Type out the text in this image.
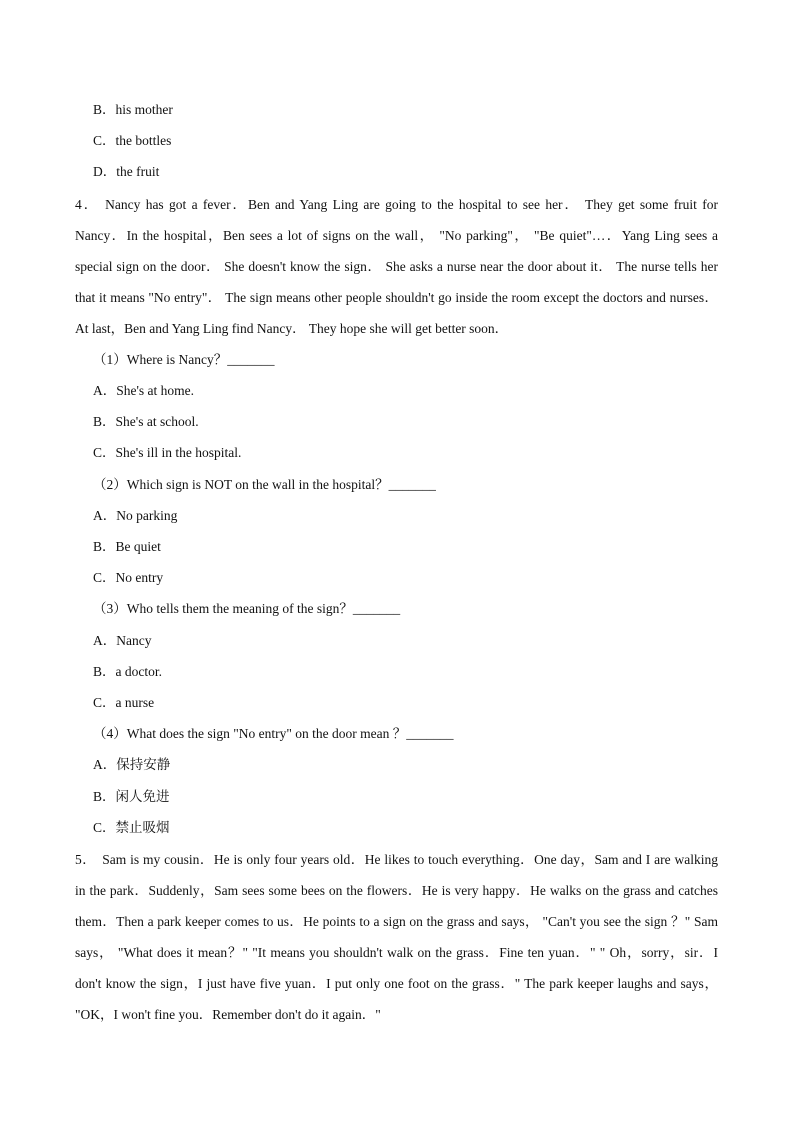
B．his mother
C．the bottles
D．the fruit
4． Nancy has got a fever．Ben and Yang Ling are going to the hospital to see her． They get some fruit for Nancy．In the hospital，Ben sees a lot of signs on the wall， "No parking"， "Be quiet"…．Yang Ling sees a special sign on the door． She doesn't know the sign． She asks a nurse near the door about it． The nurse tells her that it means "No entry"． The sign means other people shouldn't go inside the room except the doctors and nurses．At last，Ben and Yang Ling find Nancy． They hope she will get better soon．
（1）Where is Nancy？_______
A．She's at home.
B．She's at school.
C．She's ill in the hospital.
（2）Which sign is NOT on the wall in the hospital？_______
A．No parking
B．Be quiet
C．No entry
（3）Who tells them the meaning of the sign？_______
A．Nancy
B．a doctor.
C．a nurse
（4）What does the sign "No entry" on the door mean ？_______
A．保持安静
B．闲人免进
C．禁止吸烟
5． Sam is my cousin．He is only four years old．He likes to touch everything．One day，Sam and I are walking in the park．Suddenly，Sam sees some bees on the flowers．He is very happy．He walks on the grass and catches them．Then a park keeper comes to us．He points to a sign on the grass and says， "Can't you see the sign ？" Sam says， "What does it mean？" "It means you shouldn't walk on the grass．Fine ten yuan．" " Oh，sorry，sir．I don't know the sign，I just have five yuan．I put only one foot on the grass．" The park keeper laughs and says， "OK，I won't fine you．Remember don't do it again．"
